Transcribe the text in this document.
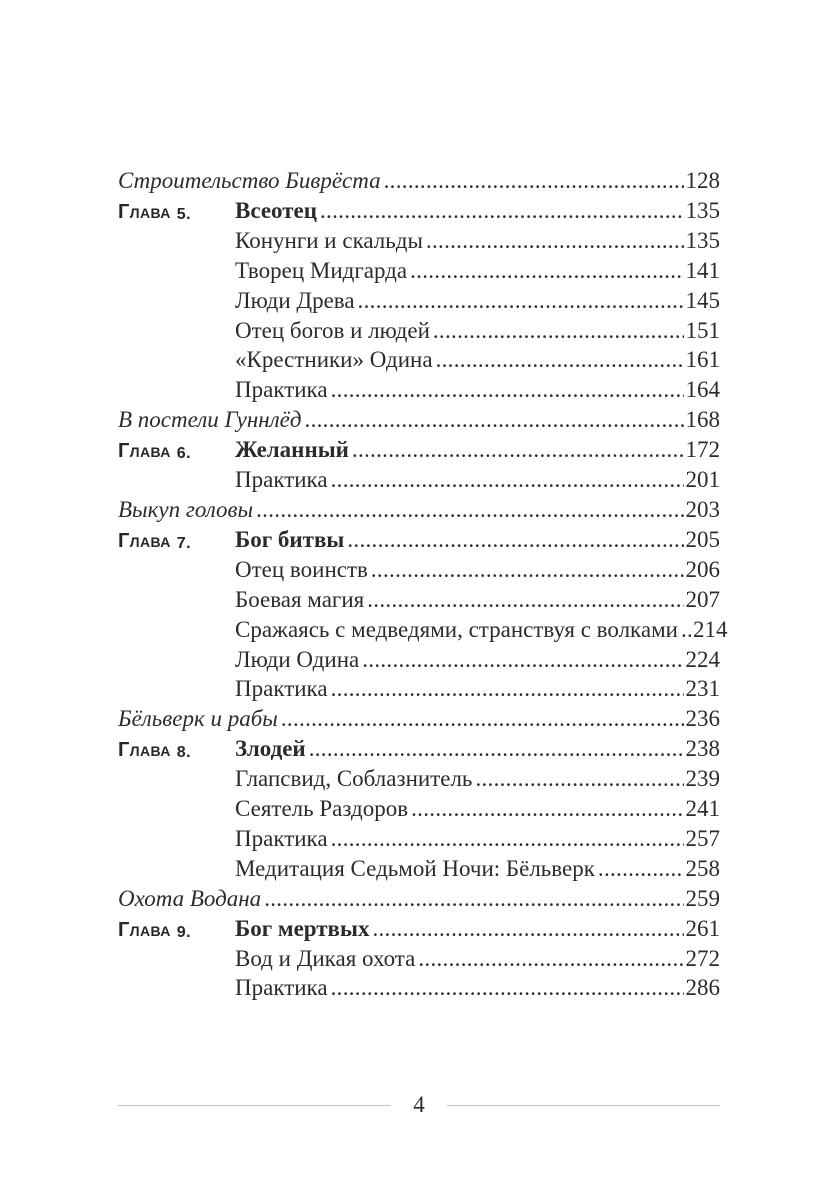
Строительство Биврёста .....	128
Глава 5.	Всеотец .....	135

Конунги и скальды .....	135

Творец Мидгарда .....	141

Люди Древа .....	145

Отец богов и людей .....	151

«Крестники» Одина .....	161

Практика .....	164
В постели Гуннлёд .....	168
Глава 6.	Желанный .....	172

Практика .....	201
Выкуп головы .....	203
Глава 7.	Бог битвы .....	205

Отец воинств .....	206

Боевая магия .....	207

Сражаясь с медведями, странствуя с волками ..... 214

Люди Одина .....	224

Практика .....	231
Бёльверк и рабы .....	236
Глава 8.	Злодей .....	238

Глапсвид, Соблазнитель .....	239

Сеятель Раздоров .....	241

Практика .....	257

Медитация Седьмой Ночи: Бёльверк .....	258
Охота Водана .....	259
Глава 9.	Бог мертвых .....	261

Вод и Дикая охота .....	272

Практика .....	286
4
